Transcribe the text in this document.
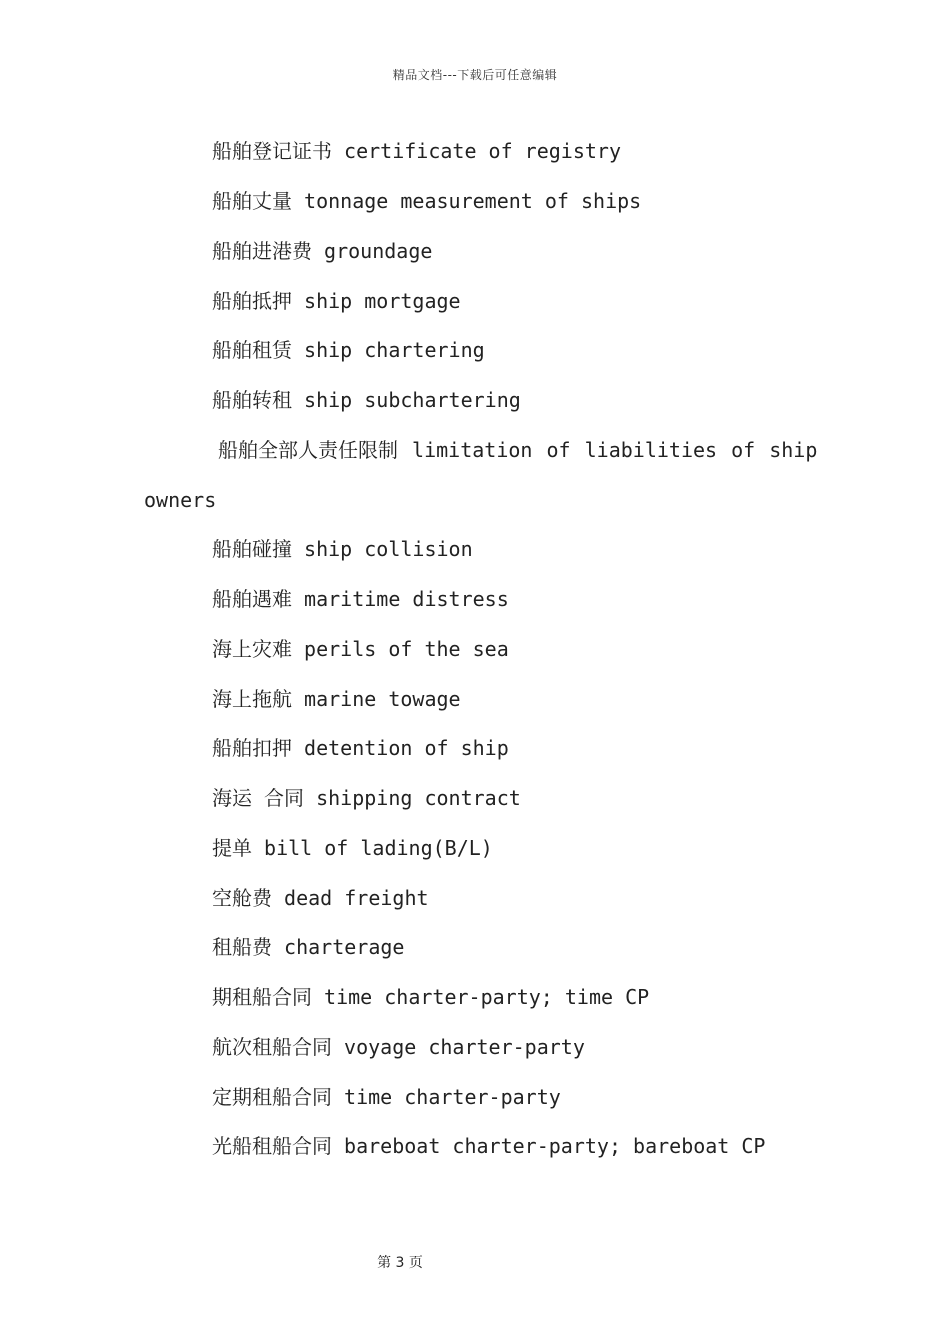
精品文档---下载后可任意编辑
船舶登记证书 certificate of registry
船舶丈量 tonnage measurement of ships
船舶进港费 groundage
船舶抵押 ship mortgage
船舶租赁 ship chartering
船舶转租 ship subchartering
船舶全部人责任限制 limitation of liabilities of ship
owners
船舶碰撞 ship collision
船舶遇难 maritime distress
海上灾难 perils of the sea
海上拖航 marine towage
船舶扣押 detention of ship
海运 合同 shipping contract
提单 bill of lading(B/L)
空舱费 dead freight
租船费 charterage
期租船合同 time charter-party; time CP
航次租船合同 voyage charter-party
定期租船合同 time charter-party
光船租船合同 bareboat charter-party; bareboat CP
第 3 页
